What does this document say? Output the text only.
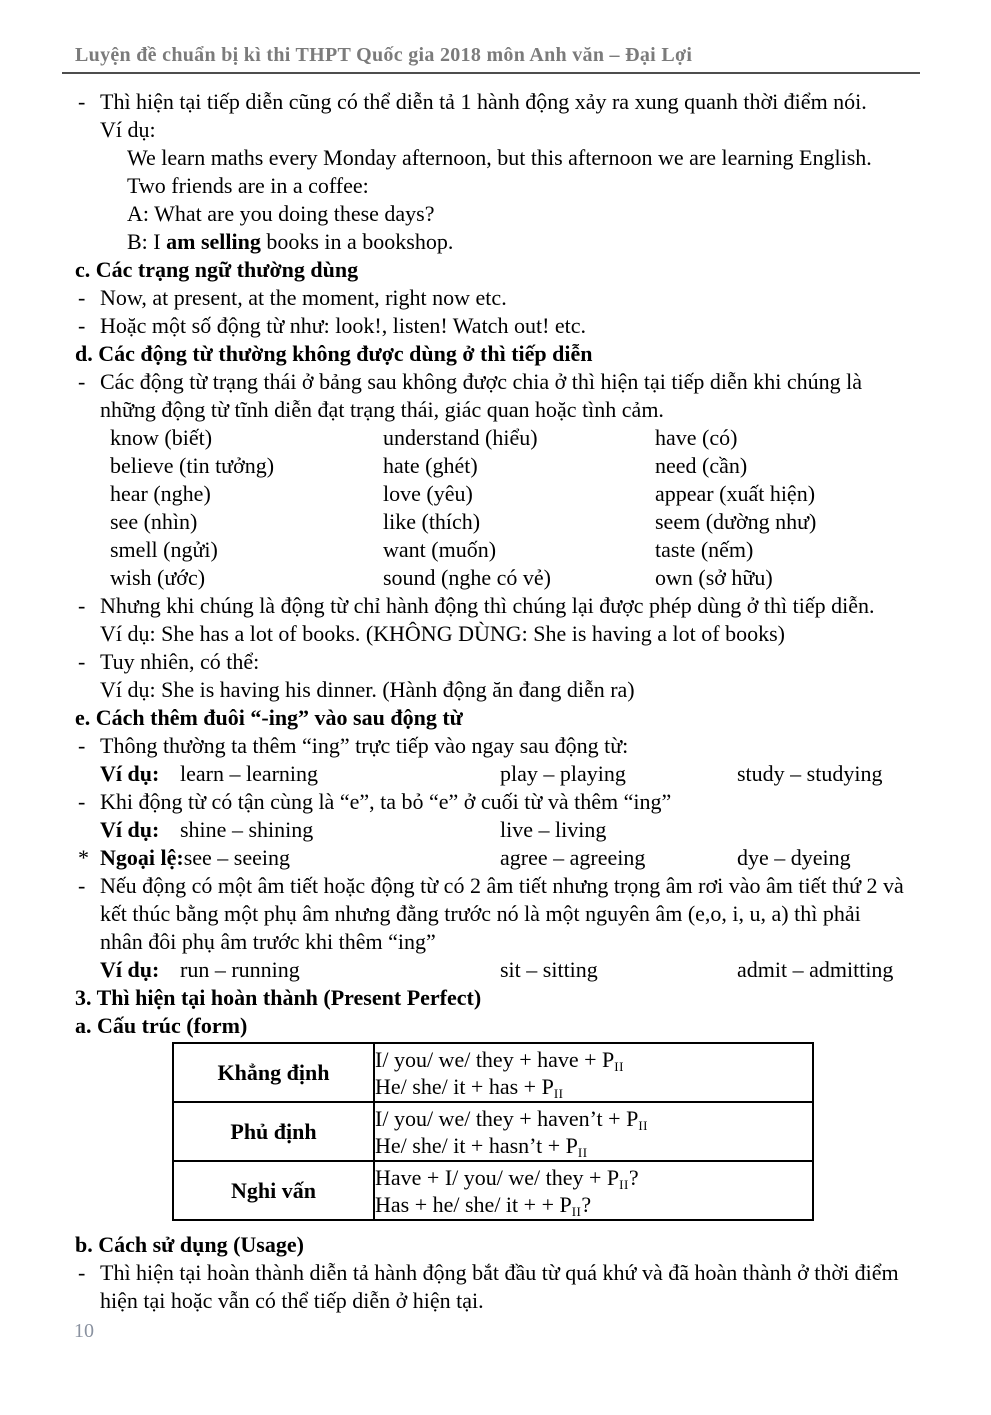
Luyện đề chuẩn bị kì thi THPT Quốc gia 2018 môn Anh văn – Đại Lợi
- Thì hiện tại tiếp diễn cũng có thể diễn tả 1 hành động xảy ra xung quanh thời điểm nói.
Ví dụ:
We learn maths every Monday afternoon, but this afternoon we are learning English.
Two friends are in a coffee:
A: What are you doing these days?
B: I am selling books in a bookshop.
c. Các trạng ngữ thường dùng
- Now, at present, at the moment, right now etc.
- Hoặc một số động từ như: look!, listen! Watch out! etc.
d. Các động từ thường không được dùng ở thì tiếp diễn
- Các động từ trạng thái ở bảng sau không được chia ở thì hiện tại tiếp diễn khi chúng là
những động từ tĩnh diễn đạt trạng thái, giác quan hoặc tình cảm.
know (biết)	understand (hiểu)	have (có)
believe (tin tưởng)	hate (ghét)	need (cần)
hear (nghe)	love (yêu)	appear (xuất hiện)
see (nhìn)	like (thích)	seem (dường như)
smell (ngửi)	want (muốn)	taste (nếm)
wish (ước)	sound (nghe có vẻ)	own (sở hữu)
- Nhưng khi chúng là động từ chỉ hành động thì chúng lại được phép dùng ở thì tiếp diễn.
Ví dụ: She has a lot of books. (KHÔNG DÙNG: She is having a lot of books)
- Tuy nhiên, có thể:
Ví dụ: She is having his dinner. (Hành động ăn đang diễn ra)
e. Cách thêm đuôi “-ing” vào sau động từ
- Thông thường ta thêm “ing” trực tiếp vào ngay sau động từ:
Ví dụ: learn – learning	play – playing	study – studying
- Khi động từ có tận cùng là “e”, ta bỏ “e” ở cuối từ và thêm “ing”
Ví dụ: shine – shining	live – living
* Ngoại lệ:see – seeing	agree – agreeing	dye – dyeing
- Nếu động có một âm tiết hoặc động từ có 2 âm tiết nhưng trọng âm rơi vào âm tiết thứ 2 và
kết thúc bằng một phụ âm nhưng đằng trước nó là một nguyên âm (e,o, i, u, a) thì phải
nhân đôi phụ âm trước khi thêm “ing”
Ví dụ: run – running	sit – sitting	admit – admitting
3. Thì hiện tại hoàn thành (Present Perfect)
a. Cấu trúc (form)
Khẳng định	I/ you/ we/ they + have + $P_{II}$
He/ she/ it + has + $P_{II}$

Phủ định	I/ you/ we/ they + haven’t + $P_{II}$
He/ she/ it + hasn’t + $P_{II}$

Nghi vấn	Have + I/ you/ we/ they + $P_{II}$?
Has + he/ she/ it + + $P_{II}$?
b. Cách sử dụng (Usage)
- Thì hiện tại hoàn thành diễn tả hành động bắt đầu từ quá khứ và đã hoàn thành ở thời điểm
hiện tại hoặc vẫn có thể tiếp diễn ở hiện tại.
10
